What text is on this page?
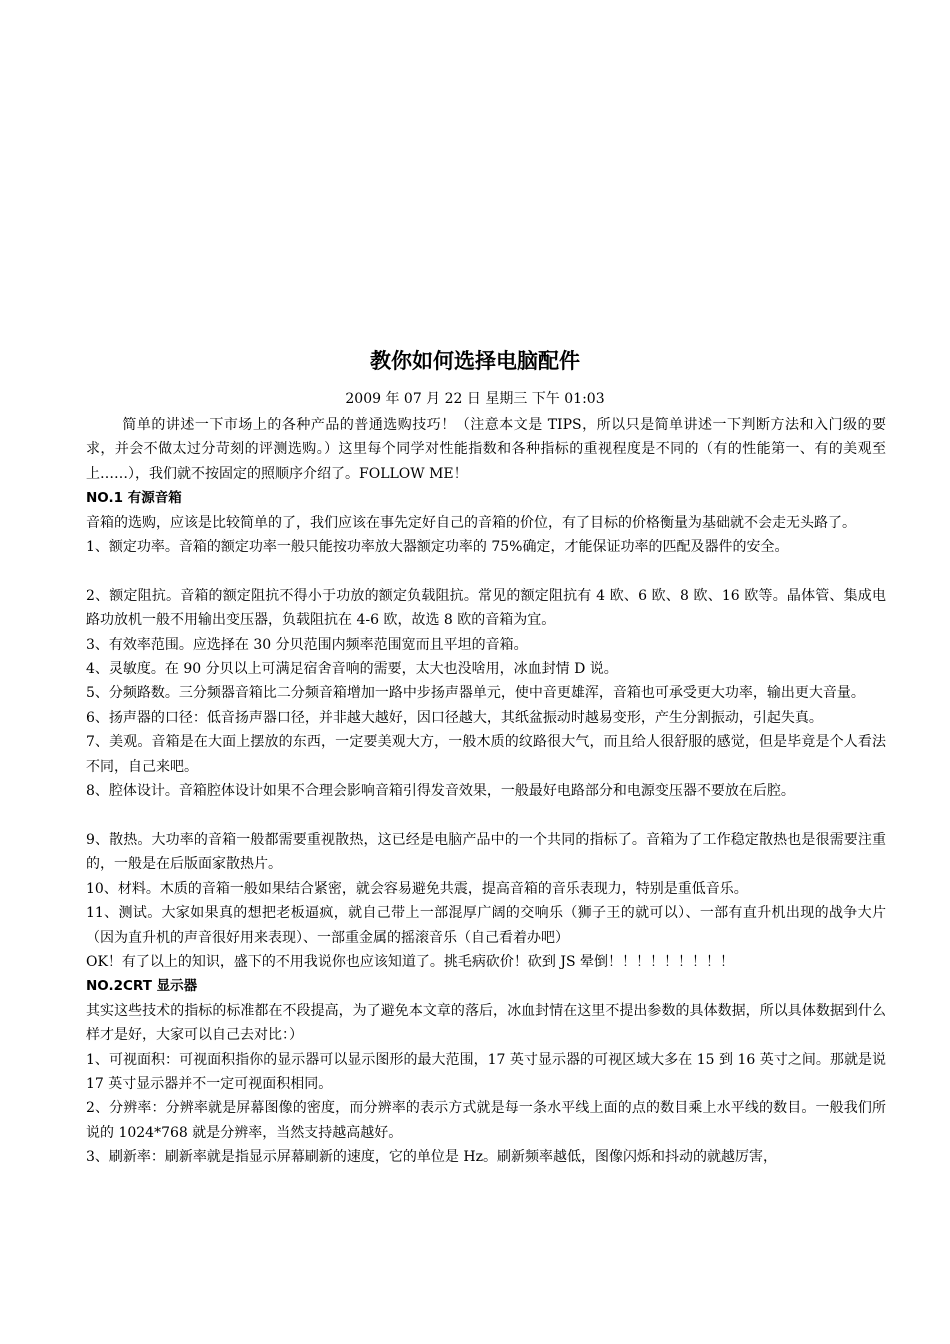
教你如何选择电脑配件
2009 年 07 月 22 日 星期三 下午 01:03

简单的讲述一下市场上的各种产品的普通选购技巧！（注意本文是 TIPS，所以只是简单讲述一下判断方法和入门级的要求，并会不做太过分苛刻的评测选购。）这里每个同学对性能指数和各种指标的重视程度是不同的（有的性能第一、有的美观至上……），我们就不按固定的照顺序介绍了。FOLLOW ME！

NO.1 有源音箱

音箱的选购，应该是比较简单的了，我们应该在事先定好自己的音箱的价位，有了目标的价格衡量为基础就不会走无头路了。

1、额定功率。音箱的额定功率一般只能按功率放大器额定功率的 75%确定，才能保证功率的匹配及器件的安全。

2、额定阻抗。音箱的额定阻抗不得小于功放的额定负载阻抗。常见的额定阻抗有 4 欧、6 欧、8 欧、16 欧等。晶体管、集成电路功放机一般不用输出变压器，负载阻抗在 4-6 欧，故选 8 欧的音箱为宜。

3、有效率范围。应选择在 30 分贝范围内频率范围宽而且平坦的音箱。

4、灵敏度。在 90 分贝以上可满足宿舍音响的需要，太大也没啥用，冰血封情 D 说。

5、分频路数。三分频器音箱比二分频音箱增加一路中步扬声器单元，使中音更雄浑，音箱也可承受更大功率，输出更大音量。

6、扬声器的口径：低音扬声器口径，并非越大越好，因口径越大，其纸盆振动时越易变形，产生分割振动，引起失真。

7、美观。音箱是在大面上摆放的东西，一定要美观大方，一般木质的纹路很大气，而且给人很舒服的感觉，但是毕竟是个人看法不同，自己来吧。

8、腔体设计。音箱腔体设计如果不合理会影响音箱引得发音效果，一般最好电路部分和电源变压器不要放在后腔。

9、散热。大功率的音箱一般都需要重视散热，这已经是电脑产品中的一个共同的指标了。音箱为了工作稳定散热也是很需要注重的，一般是在后版面家散热片。

10、材料。木质的音箱一般如果结合紧密，就会容易避免共震，提高音箱的音乐表现力，特别是重低音乐。

11、测试。大家如果真的想把老板逼疯，就自己带上一部混厚广阔的交响乐（狮子王的就可以）、一部有直升机出现的战争大片（因为直升机的声音很好用来表现）、一部重金属的摇滚音乐（自己看着办吧）

OK！有了以上的知识，盛下的不用我说你也应该知道了。挑毛病砍价！砍到 JS 晕倒！！！！！！！！！

NO.2CRT 显示器

其实这些技术的指标的标准都在不段提高，为了避免本文章的落后，冰血封情在这里不提出参数的具体数据，所以具体数据到什么样才是好，大家可以自己去对比：）

1、可视面积：可视面积指你的显示器可以显示图形的最大范围，17 英寸显示器的可视区域大多在 15 到 16 英寸之间。那就是说 17 英寸显示器并不一定可视面积相同。

2、分辨率：分辨率就是屏幕图像的密度，而分辨率的表示方式就是每一条水平线上面的点的数目乘上水平线的数目。一般我们所说的 1024*768 就是分辨率，当然支持越高越好。

3、刷新率：刷新率就是指显示屏幕刷新的速度，它的单位是 Hz。刷新频率越低，图像闪烁和抖动的就越厉害，
